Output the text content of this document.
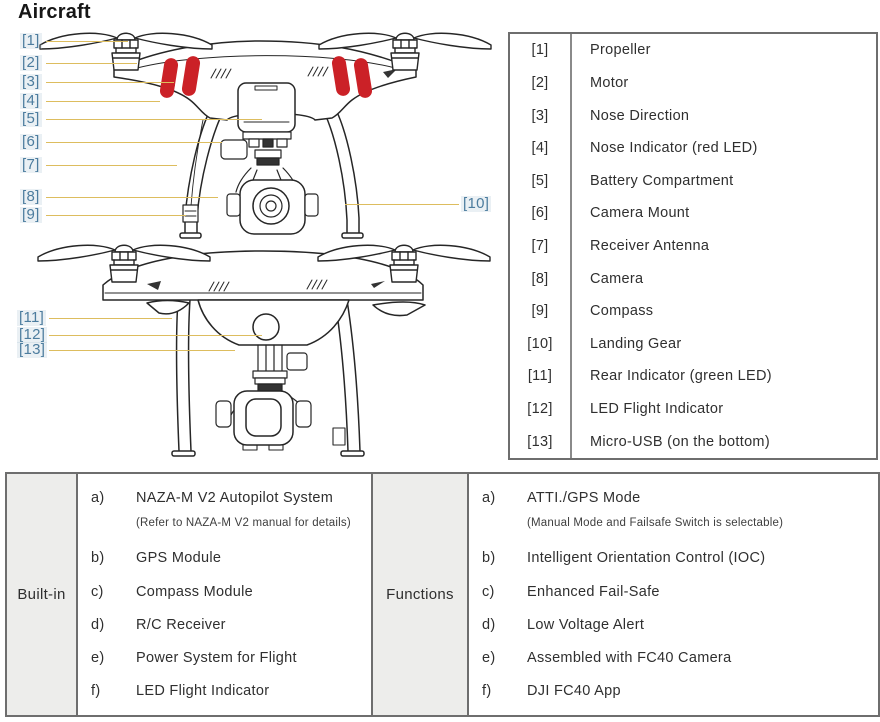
Aircraft
[1]
[2]
[3]
[4]
[5]
[6]
[7]
[8]
[9]
[10]
[11]
[12]
[13]
[1]	Propeller
[2]	Motor
[3]	Nose Direction
[4]	Nose Indicator (red LED)
[5]	Battery Compartment
[6]	Camera Mount
[7]	Receiver Antenna
[8]	Camera
[9]	Compass
[10]	Landing Gear
[11]	Rear Indicator (green LED)
[12]	LED Flight Indicator
[13]	Micro-USB (on the bottom)
Built-in
a)	NAZA-M V2 Autopilot System
(Refer to NAZA-M V2 manual for details)
b)	GPS Module
c)	Compass Module
d)	R/C Receiver
e)	Power System for Flight
f)	LED Flight Indicator
Functions
a)	ATTI./GPS Mode
(Manual Mode and Failsafe Switch is selectable)
b)	Intelligent Orientation Control (IOC)
c)	Enhanced Fail-Safe
d)	Low Voltage Alert
e)	Assembled with FC40 Camera
f)	DJI FC40 App
